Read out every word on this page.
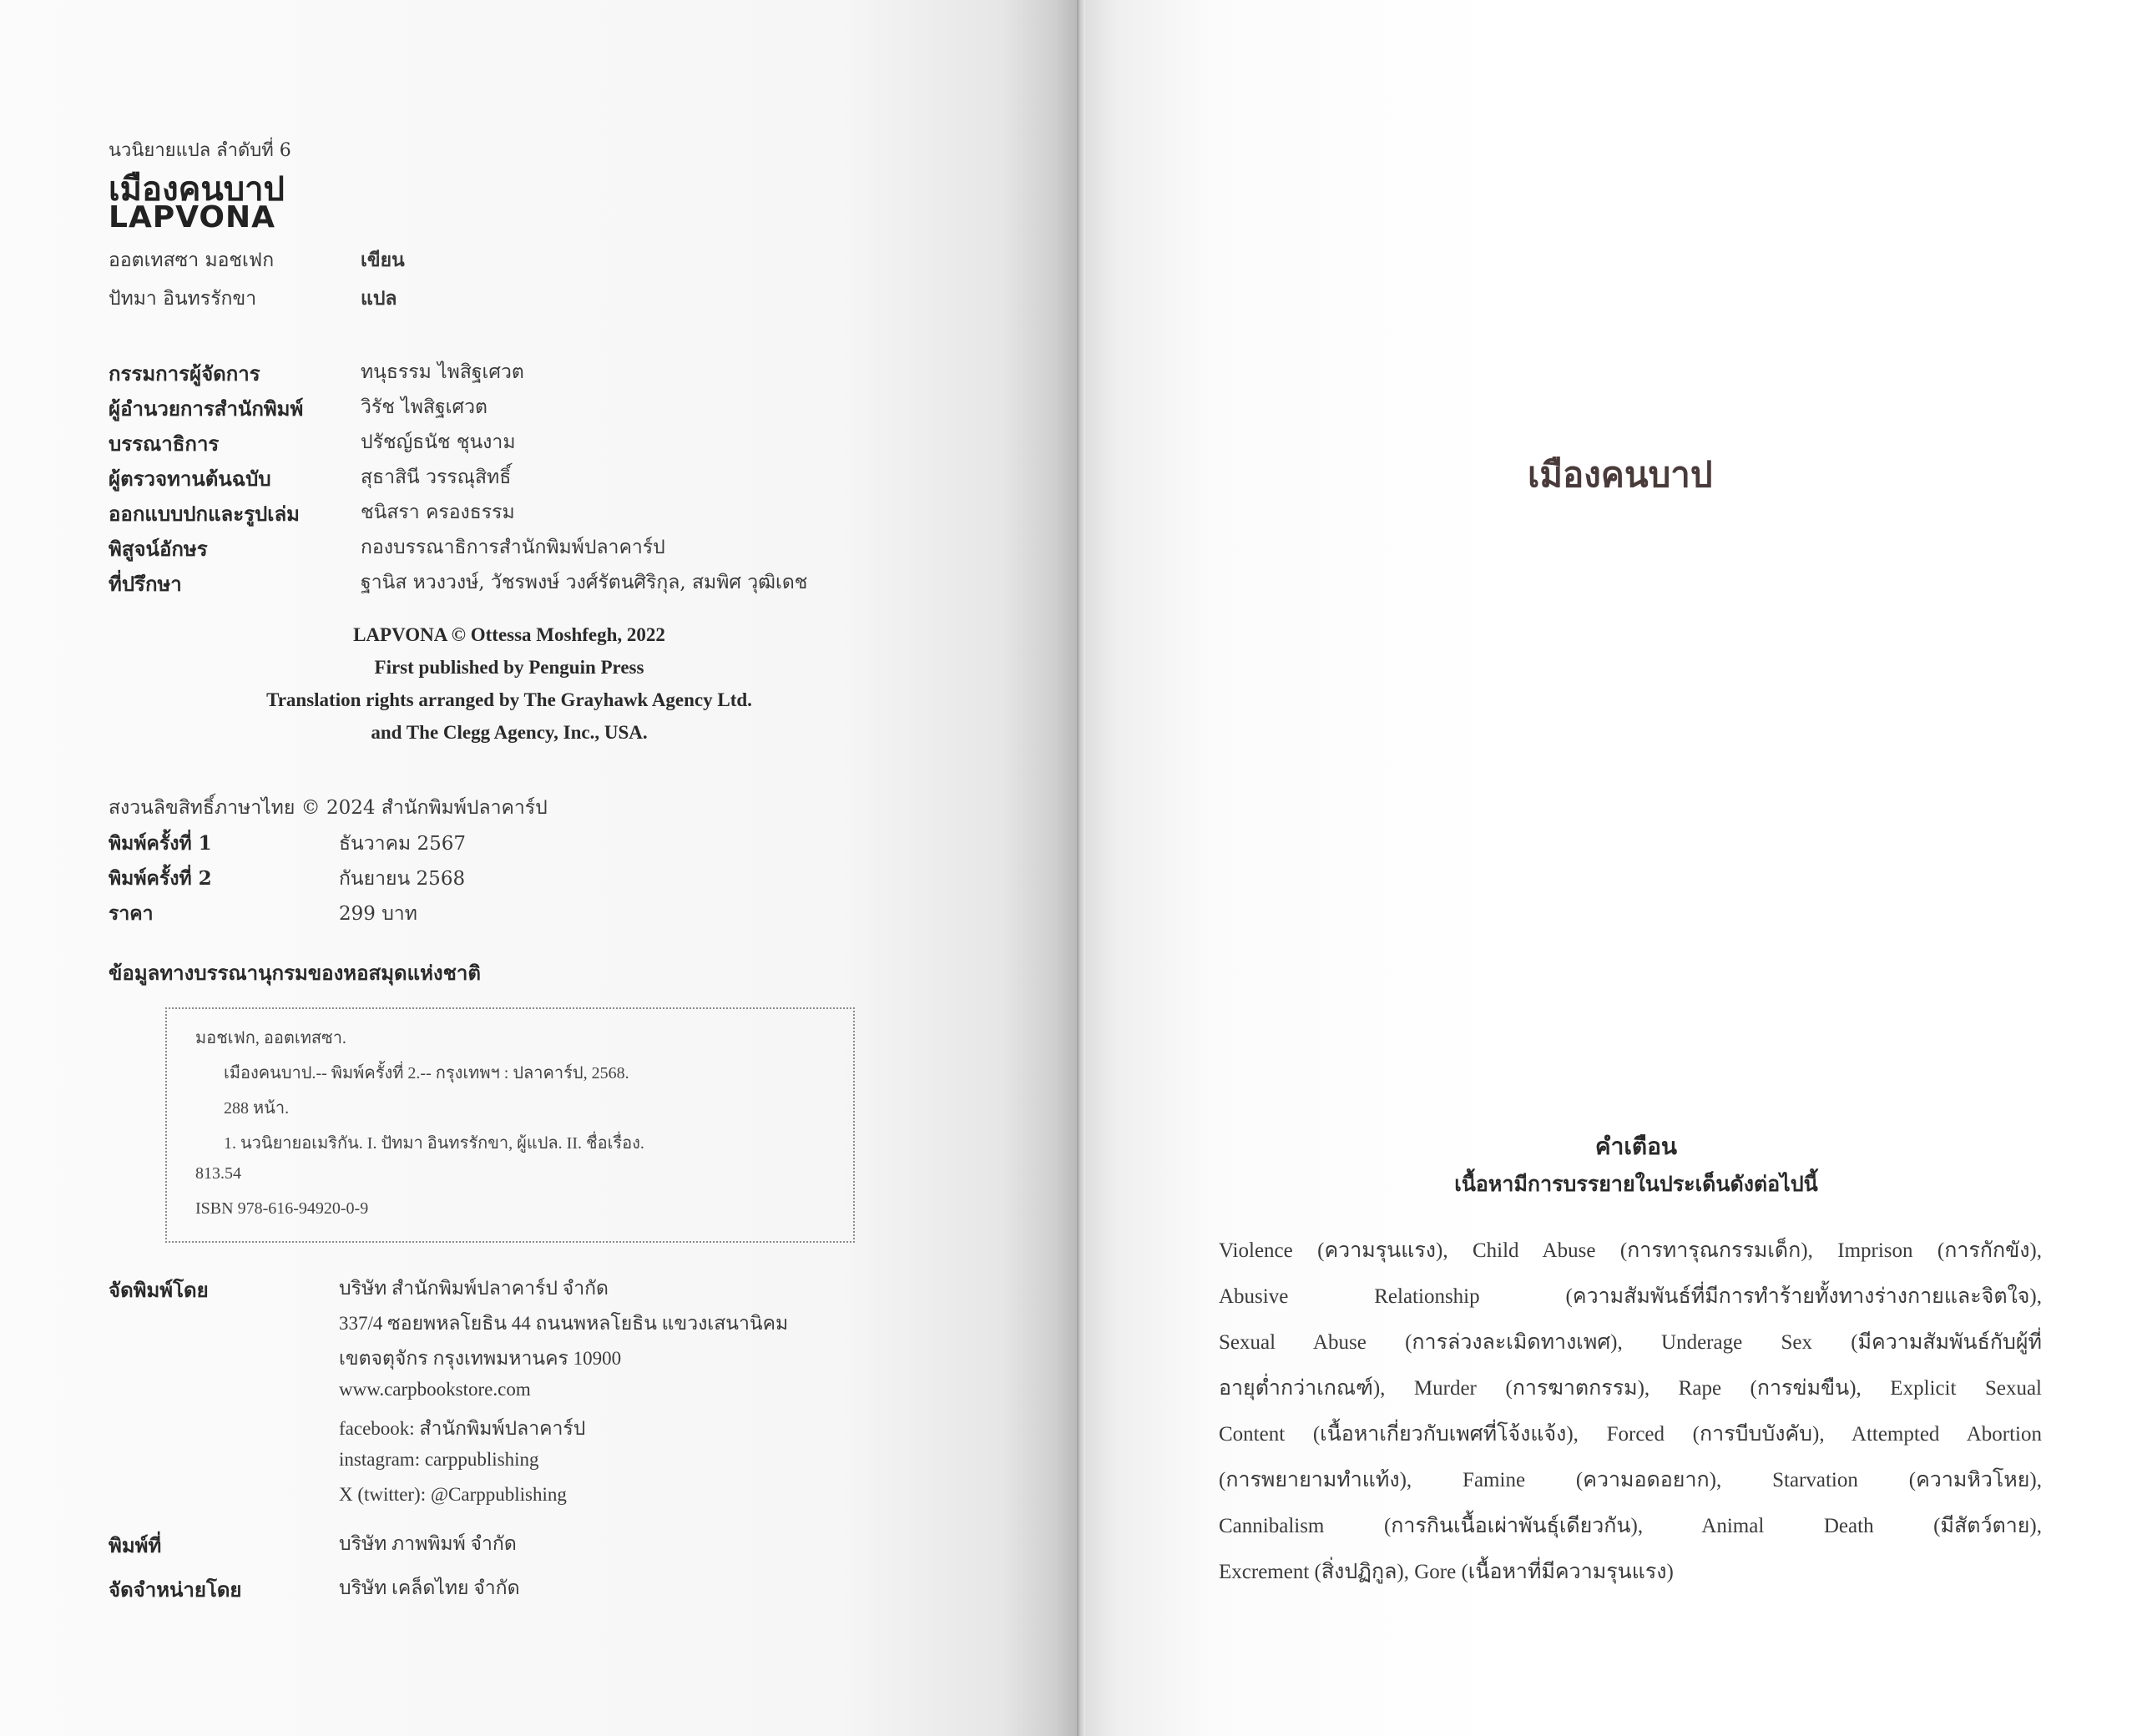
นวนิยายแปล ลำดับที่ 6
เมืองคนบาป
LAPVONA
ออตเทสซา มอชเฟก	เขียน
ปัทมา อินทรรักขา	แปล
กรรมการผู้จัดการ	ทนุธรรม ไพสิฐเศวต
ผู้อำนวยการสำนักพิมพ์	วิรัช ไพสิฐเศวต
บรรณาธิการ	ปรัชญ์ธนัช ชุนงาม
ผู้ตรวจทานต้นฉบับ	สุธาสินี วรรณุสิทธิ์
ออกแบบปกและรูปเล่ม	ชนิสรา ครองธรรม
พิสูจน์อักษร	กองบรรณาธิการสำนักพิมพ์ปลาคาร์ป
ที่ปรึกษา	ฐานิส หวงวงษ์, วัชรพงษ์ วงศ์รัตนศิริกุล, สมพิศ วุฒิเดช
LAPVONA © Ottessa Moshfegh, 2022
First published by Penguin Press
Translation rights arranged by The Grayhawk Agency Ltd.
and The Clegg Agency, Inc., USA.
สงวนลิขสิทธิ์ภาษาไทย © 2024 สำนักพิมพ์ปลาคาร์ป
พิมพ์ครั้งที่ 1	ธันวาคม 2567
พิมพ์ครั้งที่ 2	กันยายน 2568
ราคา	299 บาท
ข้อมูลทางบรรณานุกรมของหอสมุดแห่งชาติ
มอชเฟก, ออตเทสซา.
เมืองคนบาป.-- พิมพ์ครั้งที่ 2.-- กรุงเทพฯ : ปลาคาร์ป, 2568.
288 หน้า.
1. นวนิยายอเมริกัน. I. ปัทมา อินทรรักขา, ผู้แปล. II. ชื่อเรื่อง.
813.54
ISBN 978-616-94920-0-9
จัดพิมพ์โดย	บริษัท สำนักพิมพ์ปลาคาร์ป จำกัด
337/4 ซอยพหลโยธิน 44 ถนนพหลโยธิน แขวงเสนานิคม
เขตจตุจักร กรุงเทพมหานคร 10900
www.carpbookstore.com
facebook: สำนักพิมพ์ปลาคาร์ป
instagram: carppublishing
X (twitter): @Carppublishing
พิมพ์ที่	บริษัท ภาพพิมพ์ จำกัด
จัดจำหน่ายโดย	บริษัท เคล็ดไทย จำกัด
เมืองคนบาป
คำเตือน
เนื้อหามีการบรรยายในประเด็นดังต่อไปนี้
Violence (ความรุนแรง), Child Abuse (การทารุณกรรมเด็ก), Imprison (การกักขัง),
Abusive Relationship (ความสัมพันธ์ที่มีการทำร้ายทั้งทางร่างกายและจิตใจ),
Sexual Abuse (การล่วงละเมิดทางเพศ), Underage Sex (มีความสัมพันธ์กับผู้ที่
อายุต่ำกว่าเกณฑ์), Murder (การฆาตกรรม), Rape (การข่มขืน), Explicit Sexual
Content (เนื้อหาเกี่ยวกับเพศที่โจ้งแจ้ง), Forced (การบีบบังคับ), Attempted Abortion
(การพยายามทำแท้ง), Famine (ความอดอยาก), Starvation (ความหิวโหย),
Cannibalism (การกินเนื้อเผ่าพันธุ์เดียวกัน), Animal Death (มีสัตว์ตาย),
Excrement (สิ่งปฏิกูล), Gore (เนื้อหาที่มีความรุนแรง)
